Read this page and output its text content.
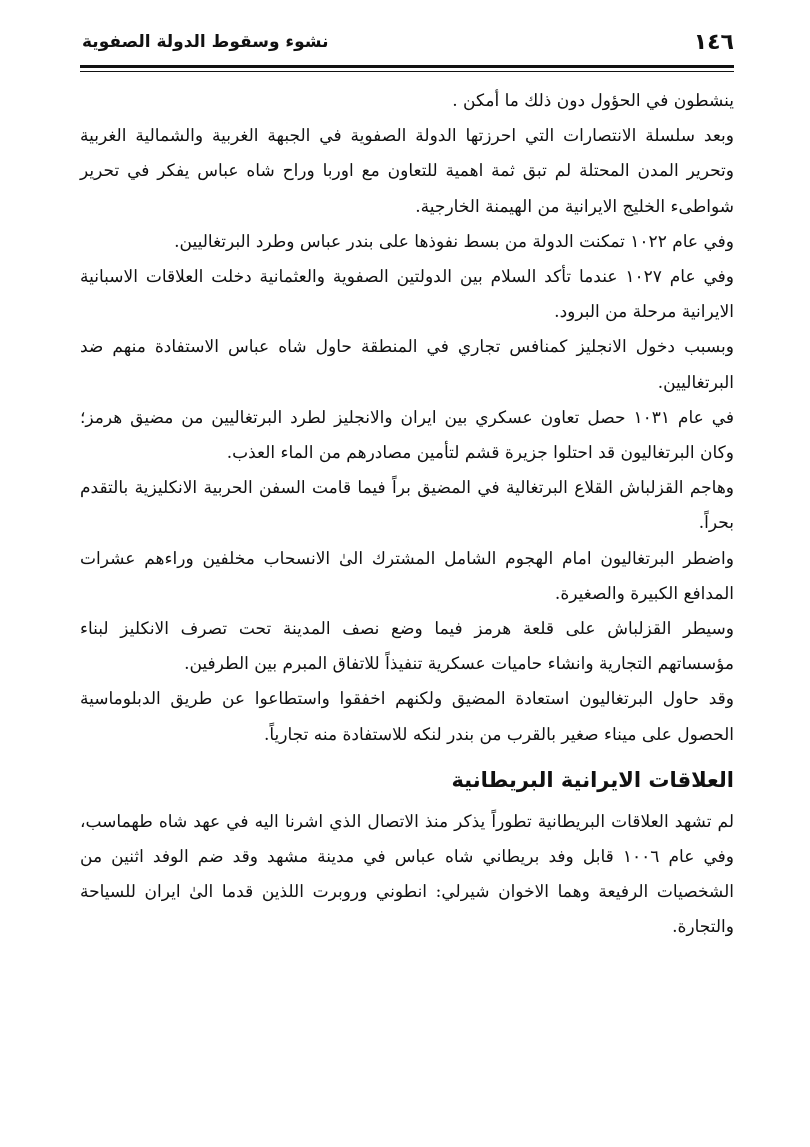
١٤٦
نشوء وسقوط الدولة الصفوية

ينشطون في الحؤول دون ذلك ما أمكن .

وبعد سلسلة الانتصارات التي احرزتها الدولة الصفوية في الجبهة الغربية والشمالية الغربية وتحرير المدن المحتلة لم تبق ثمة اهمية للتعاون مع اوربا وراح شاه عباس يفكر في تحرير شواطىء الخليج الايرانية من الهيمنة الخارجية.

وفي عام ١٠٢٢ تمكنت الدولة من بسط نفوذها على بندر عباس وطرد البرتغاليين.

وفي عام ١٠٢٧ عندما تأكد السلام بين الدولتين الصفوية والعثمانية دخلت العلاقات الاسبانية الايرانية مرحلة من البرود.

وبسبب دخول الانجليز كمنافس تجاري في المنطقة حاول شاه عباس الاستفادة منهم ضد البرتغاليين.

في عام ١٠٣١ حصل تعاون عسكري بين ايران والانجليز لطرد البرتغاليين من مضيق هرمز؛ وكان البرتغاليون قد احتلوا جزيرة قشم لتأمين مصادرهم من الماء العذب.

وهاجم القزلباش القلاع البرتغالية في المضيق براً فيما قامت السفن الحربية الانكليزية بالتقدم بحراً.

واضطر البرتغاليون امام الهجوم الشامل المشترك الىٰ الانسحاب مخلفين وراءهم عشرات المدافع الكبيرة والصغيرة.

وسيطر القزلباش على قلعة هرمز فيما وضع نصف المدينة تحت تصرف الانكليز لبناء مؤسساتهم التجارية وانشاء حاميات عسكرية تنفيذاً للاتفاق المبرم بين الطرفين.

وقد حاول البرتغاليون استعادة المضيق ولكنهم اخفقوا واستطاعوا عن طريق الدبلوماسية الحصول على ميناء صغير بالقرب من بندر لنكه للاستفادة منه تجارياً.

العلاقات الايرانية البريطانية

لم تشهد العلاقات البريطانية تطوراً يذكر منذ الاتصال الذي اشرنا اليه في عهد شاه طهماسب، وفي عام ١٠٠٦ قابل وفد بريطاني شاه عباس في مدينة مشهد وقد ضم الوفد اثنين من الشخصيات الرفيعة وهما الاخوان شيرلي: انطوني وروبرت اللذين قدما الىٰ ايران للسياحة والتجارة.
